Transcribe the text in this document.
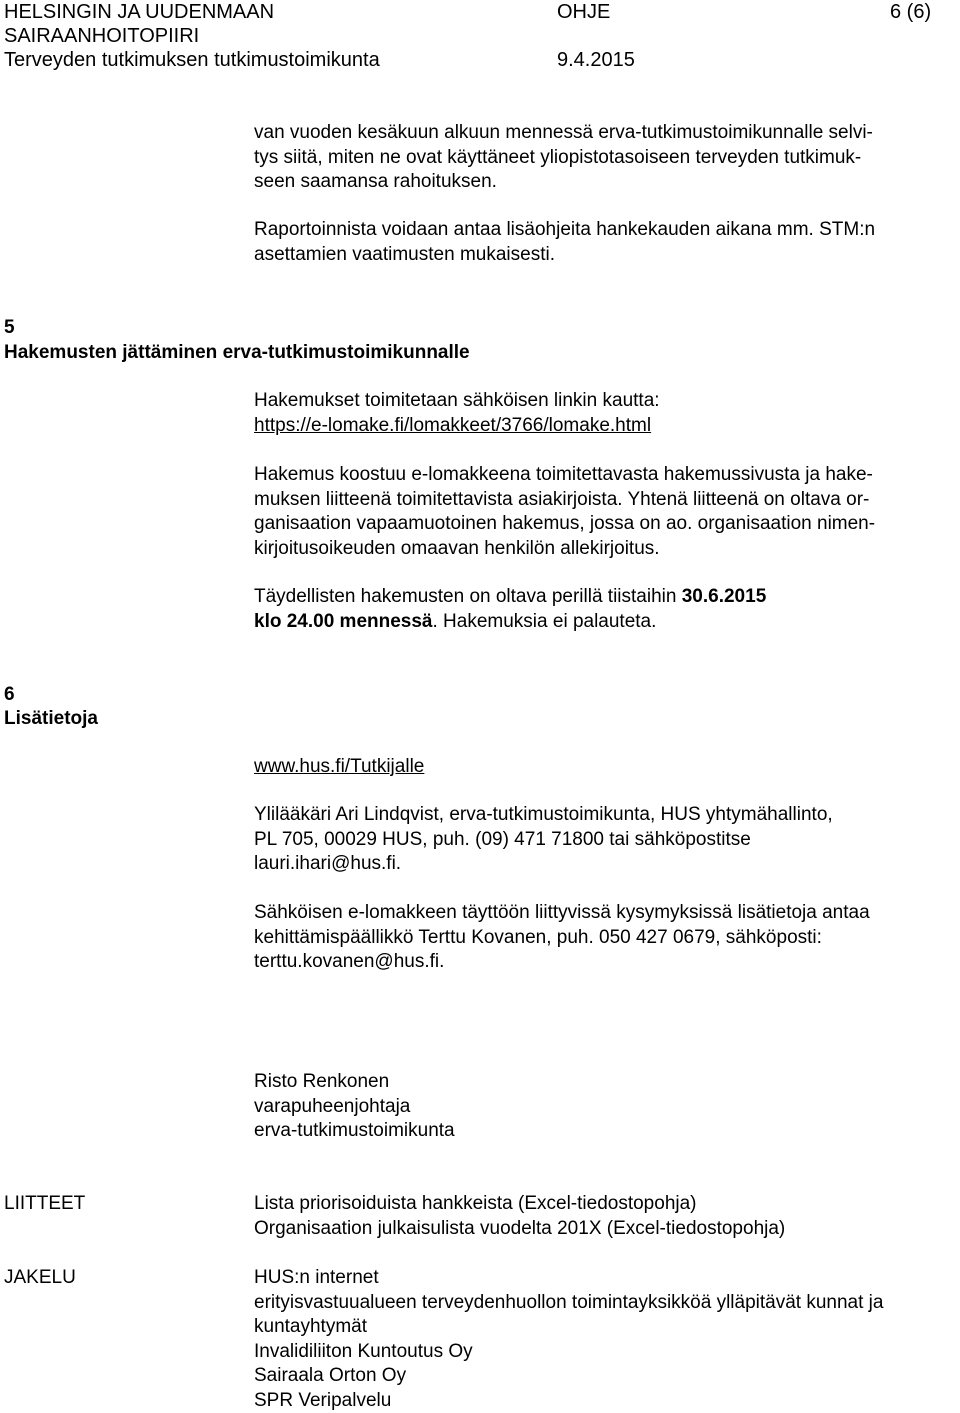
HELSINGIN JA UUDENMAAN
SAIRAANHOITOPIIRI
Terveyden tutkimuksen tutkimustoimikunta
OHJE
9.4.2015
6 (6)
van vuoden kesäkuun alkuun mennessä erva-tutkimustoimikunnalle selvi-
tys siitä, miten ne ovat käyttäneet yliopistotasoiseen terveyden tutkimuk-
seen saamansa rahoituksen.
Raportoinnista voidaan antaa lisäohjeita hankekauden aikana mm. STM:n
asettamien vaatimusten mukaisesti.
5
Hakemusten jättäminen erva-tutkimustoimikunnalle
Hakemukset toimitetaan sähköisen linkin kautta:
https://e-lomake.fi/lomakkeet/3766/lomake.html
Hakemus koostuu e-lomakkeena toimitettavasta hakemussivusta ja hake-
muksen liitteenä toimitettavista asiakirjoista. Yhtenä liitteenä on oltava or-
ganisaation vapaamuotoinen hakemus, jossa on ao. organisaation nimen-
kirjoitusoikeuden omaavan henkilön allekirjoitus.
Täydellisten hakemusten on oltava perillä tiistaihin 30.6.2015
klo 24.00 mennessä. Hakemuksia ei palauteta.
6
Lisätietoja
www.hus.fi/Tutkijalle
Ylilääkäri Ari Lindqvist, erva-tutkimustoimikunta, HUS yhtymähallinto,
PL 705, 00029 HUS, puh. (09) 471 71800 tai sähköpostitse
lauri.ihari@hus.fi.
Sähköisen e-lomakkeen täyttöön liittyvissä kysymyksissä lisätietoja antaa
kehittämispäällikkö Terttu Kovanen, puh. 050 427 0679, sähköposti:
terttu.kovanen@hus.fi.
Risto Renkonen
varapuheenjohtaja
erva-tutkimustoimikunta
LIITTEET	Lista priorisoiduista hankkeista (Excel-tiedostopohja)
Organisaation julkaisulista vuodelta 201X (Excel-tiedostopohja)
JAKELU	HUS:n internet
erityisvastuualueen terveydenhuollon toimintayksikköä ylläpitävät kunnat ja
kuntayhtymät
Invalidiliiton Kuntoutus Oy
Sairaala Orton Oy
SPR Veripalvelu
